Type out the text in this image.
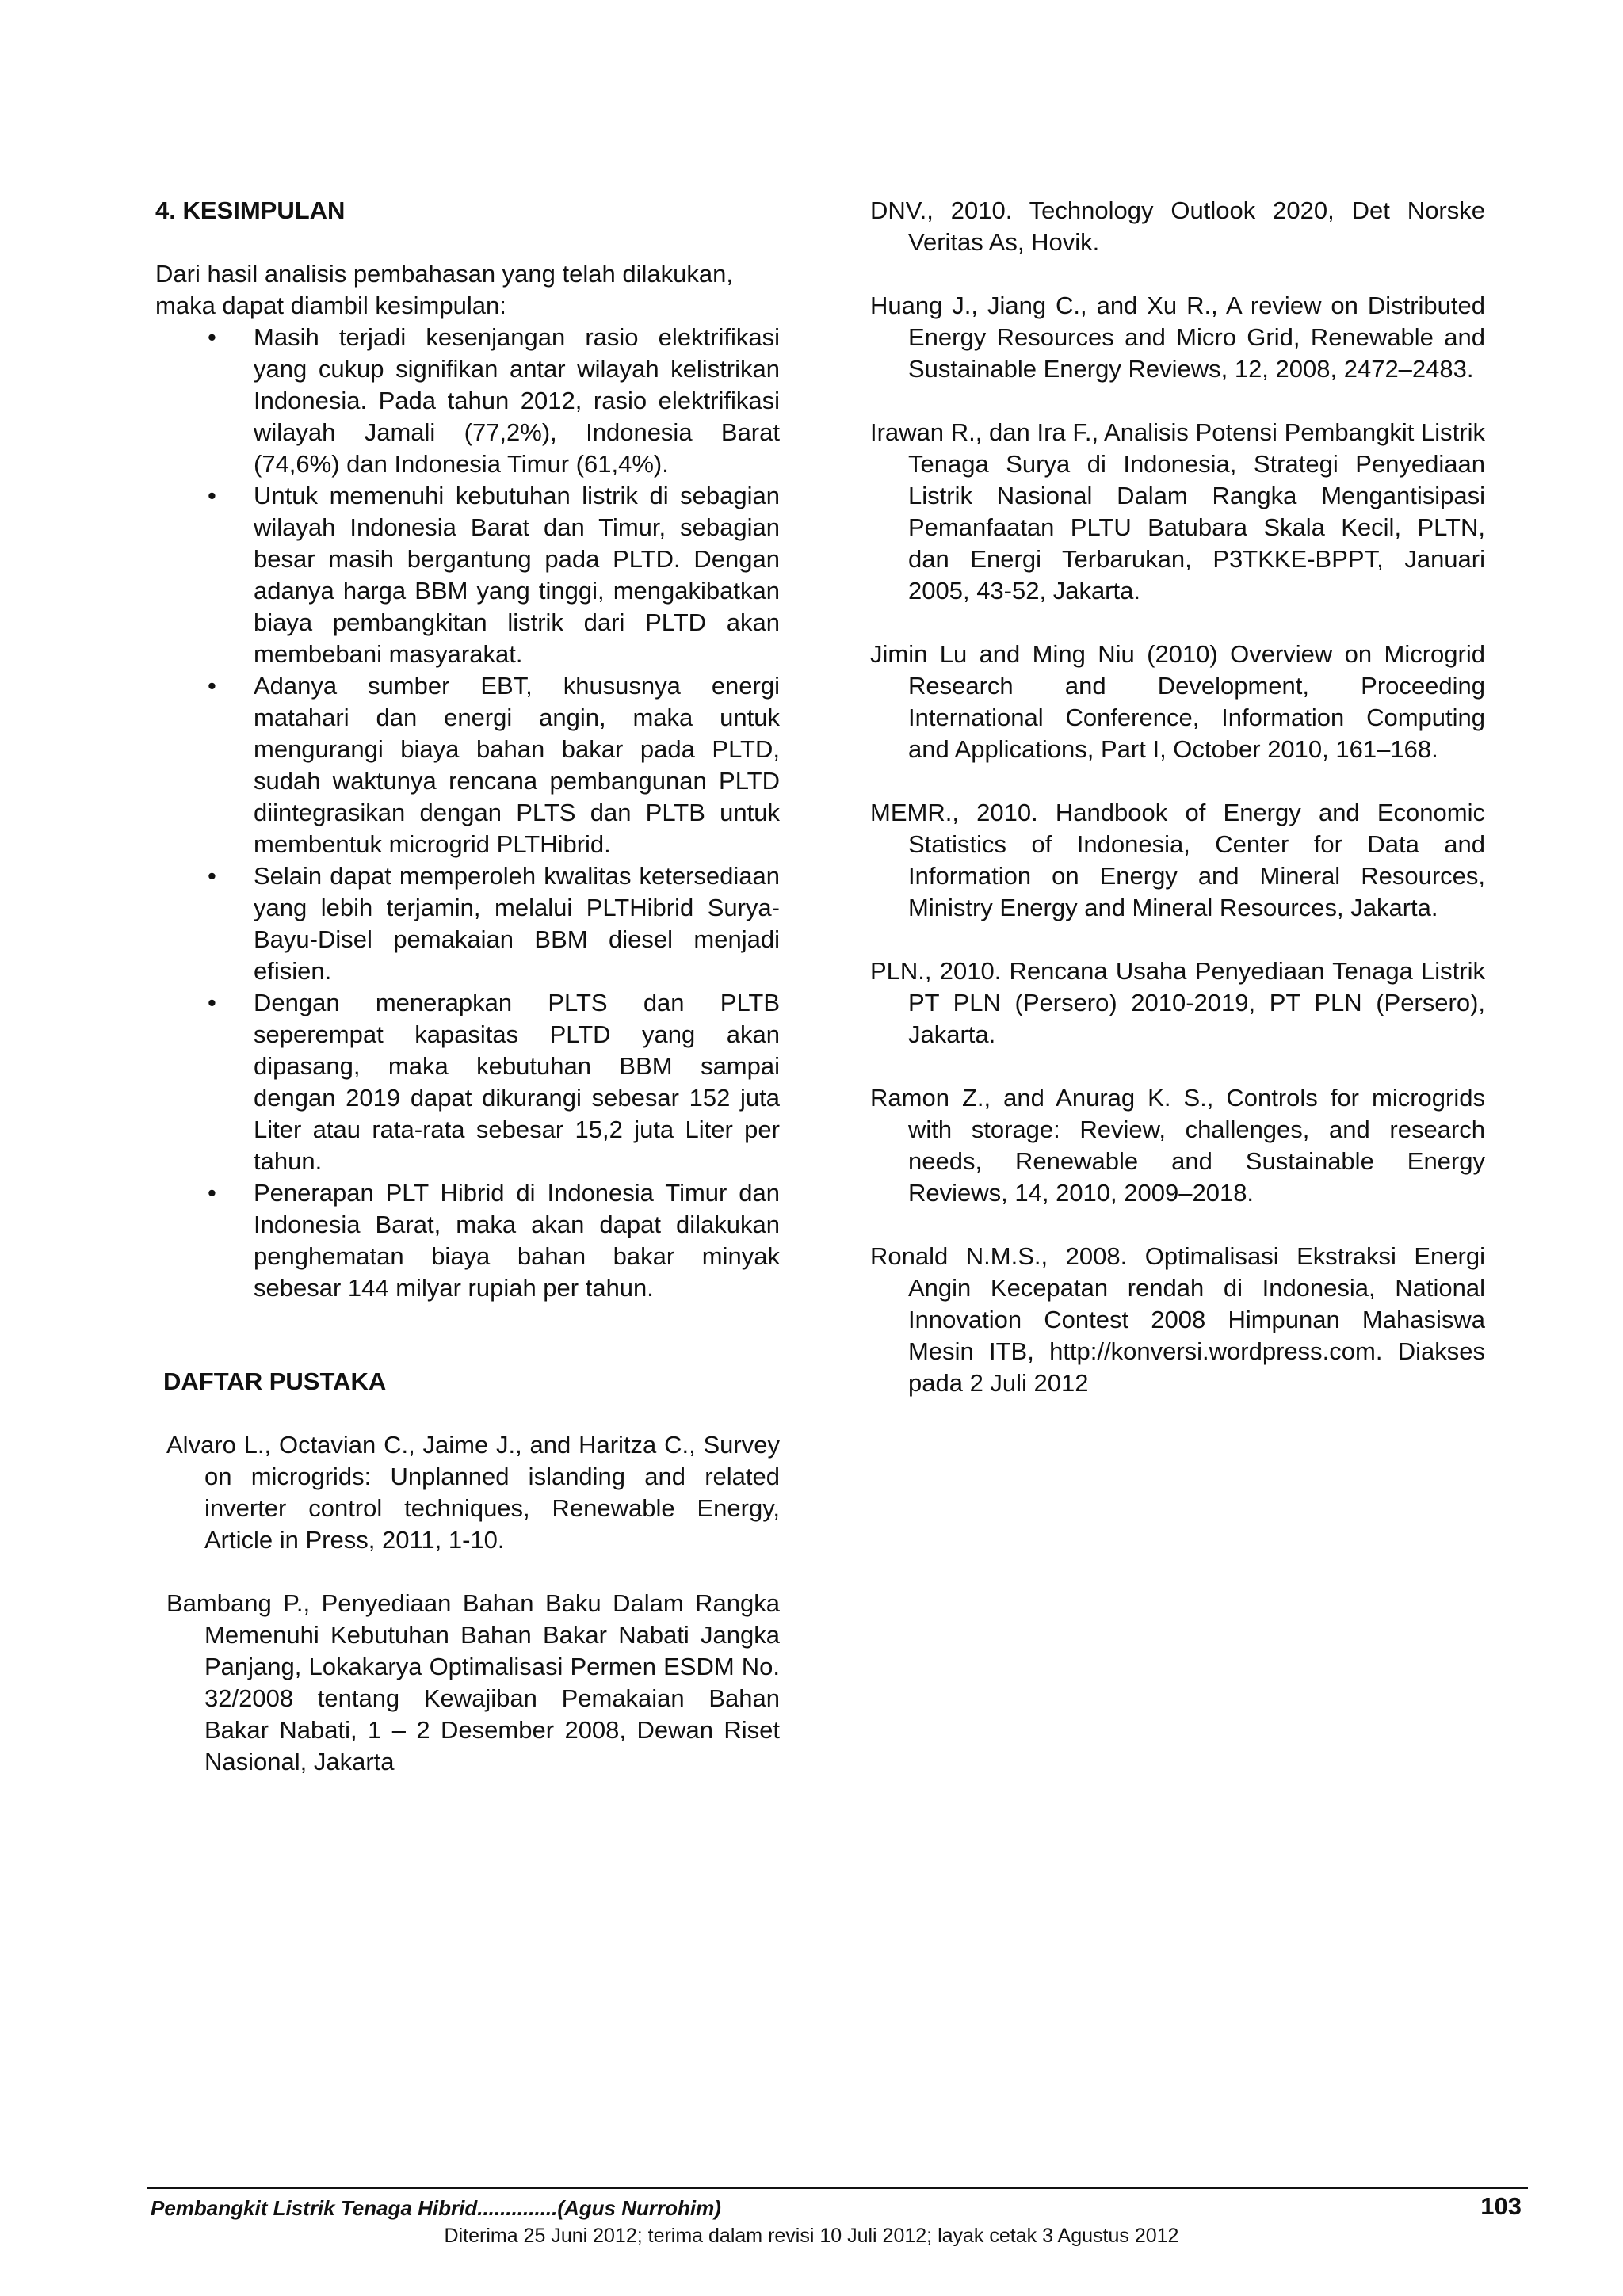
4. KESIMPULAN

Dari hasil analisis pembahasan yang telah dilakukan, maka dapat diambil kesimpulan:

• Masih terjadi kesenjangan rasio elektrifikasi yang cukup signifikan antar wilayah kelistrikan Indonesia. Pada tahun 2012, rasio elektrifikasi wilayah Jamali (77,2%), Indonesia Barat (74,6%) dan Indonesia Timur (61,4%).
• Untuk memenuhi kebutuhan listrik di sebagian wilayah Indonesia Barat dan Timur, sebagian besar masih bergantung pada PLTD. Dengan adanya harga BBM yang tinggi, mengakibatkan biaya pembangkitan listrik dari PLTD akan membebani masyarakat.
• Adanya sumber EBT, khususnya energi matahari dan energi angin, maka untuk mengurangi biaya bahan bakar pada PLTD, sudah waktunya rencana pembangunan PLTD diintegrasikan dengan PLTS dan PLTB untuk membentuk microgrid PLTHibrid.
• Selain dapat memperoleh kwalitas ketersediaan yang lebih terjamin, melalui PLTHibrid Surya-Bayu-Disel pemakaian BBM diesel menjadi efisien.
• Dengan menerapkan PLTS dan PLTB seperempat kapasitas PLTD yang akan dipasang, maka kebutuhan BBM sampai dengan 2019 dapat dikurangi sebesar 152 juta Liter atau rata-rata sebesar 15,2 juta Liter per tahun.
• Penerapan PLT Hibrid di Indonesia Timur dan Indonesia Barat, maka akan dapat dilakukan penghematan biaya bahan bakar minyak sebesar 144 milyar rupiah per tahun.
DAFTAR PUSTAKA

Alvaro L., Octavian C., Jaime J., and Haritza C., Survey on microgrids: Unplanned islanding and related inverter control techniques, Renewable Energy, Article in Press, 2011, 1-10.

Bambang P., Penyediaan Bahan Baku Dalam Rangka Memenuhi Kebutuhan Bahan Bakar Nabati Jangka Panjang, Lokakarya Optimalisasi Permen ESDM No. 32/2008 tentang Kewajiban Pemakaian Bahan Bakar Nabati, 1 – 2 Desember 2008, Dewan Riset Nasional, Jakarta

DNV., 2010. Technology Outlook 2020, Det Norske Veritas As, Hovik.

Huang J., Jiang C., and Xu R., A review on Distributed Energy Resources and Micro Grid, Renewable and Sustainable Energy Reviews, 12, 2008, 2472–2483.

Irawan R., dan Ira F., Analisis Potensi Pembangkit Listrik Tenaga Surya di Indonesia, Strategi Penyediaan Listrik Nasional Dalam Rangka Mengantisipasi Pemanfaatan PLTU Batubara Skala Kecil, PLTN, dan Energi Terbarukan, P3TKKE-BPPT, Januari 2005, 43-52, Jakarta.

Jimin Lu and Ming Niu (2010) Overview on Microgrid Research and Development, Proceeding International Conference, Information Computing and Applications, Part I, October 2010, 161–168.

MEMR., 2010. Handbook of Energy and Economic Statistics of Indonesia, Center for Data and Information on Energy and Mineral Resources, Ministry Energy and Mineral Resources, Jakarta.

PLN., 2010. Rencana Usaha Penyediaan Tenaga Listrik PT PLN (Persero) 2010-2019, PT PLN (Persero), Jakarta.

Ramon Z., and Anurag K. S., Controls for microgrids with storage: Review, challenges, and research needs, Renewable and Sustainable Energy Reviews, 14, 2010, 2009–2018.

Ronald N.M.S., 2008. Optimalisasi Ekstraksi Energi Angin Kecepatan rendah di Indonesia, National Innovation Contest 2008 Himpunan Mahasiswa Mesin ITB, http://konversi.wordpress.com. Diakses pada 2 Juli 2012

Pembangkit Listrik Tenaga Hibrid..............(Agus Nurrohim)	103
Diterima 25 Juni 2012; terima dalam revisi 10 Juli 2012; layak cetak 3 Agustus 2012
